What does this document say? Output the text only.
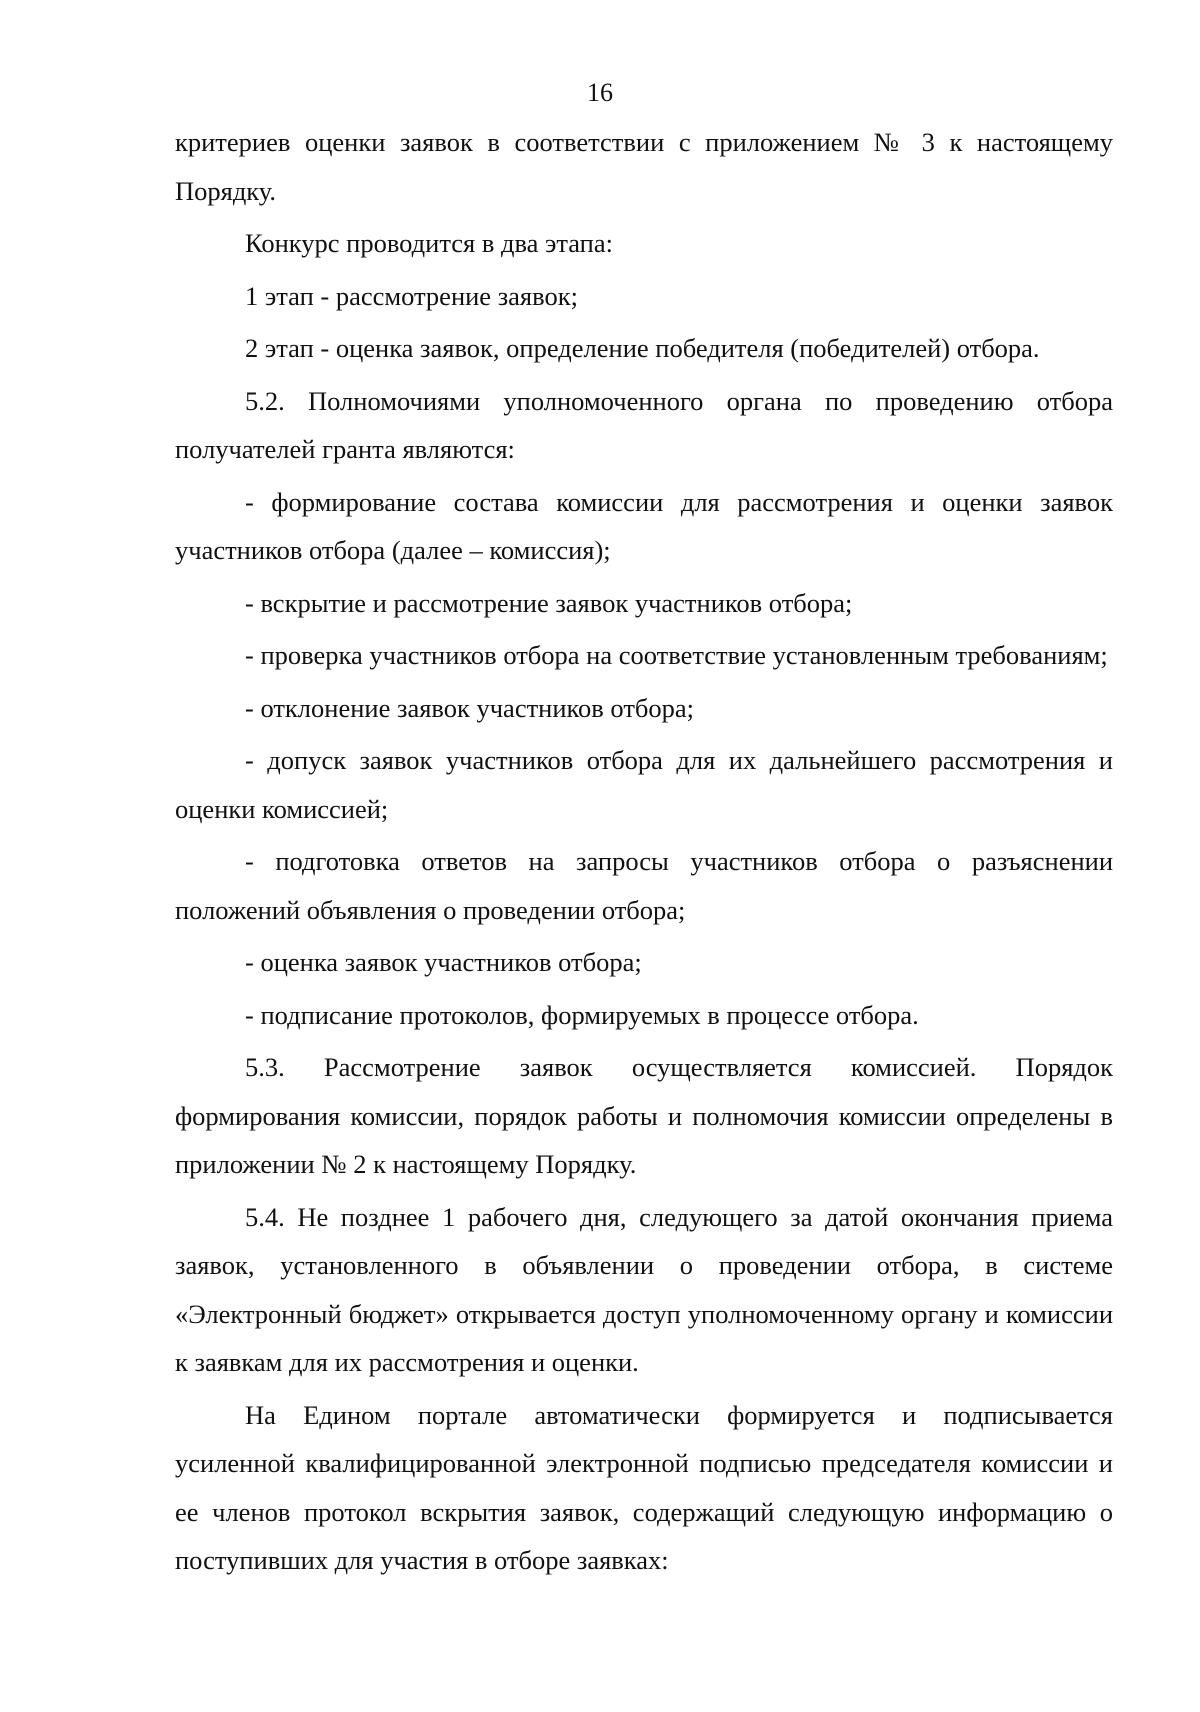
16

критериев оценки заявок в соответствии с приложением № 3 к настоящему Порядку.

Конкурс проводится в два этапа:

1 этап - рассмотрение заявок;

2 этап - оценка заявок, определение победителя (победителей) отбора.

5.2. Полномочиями уполномоченного органа по проведению отбора получателей гранта являются:

- формирование состава комиссии для рассмотрения и оценки заявок участников отбора (далее – комиссия);

- вскрытие и рассмотрение заявок участников отбора;

- проверка участников отбора на соответствие установленным требованиям;

- отклонение заявок участников отбора;

- допуск заявок участников отбора для их дальнейшего рассмотрения и оценки комиссией;

- подготовка ответов на запросы участников отбора о разъяснении положений объявления о проведении отбора;

- оценка заявок участников отбора;

- подписание протоколов, формируемых в процессе отбора.

5.3. Рассмотрение заявок осуществляется комиссией. Порядок формирования комиссии, порядок работы и полномочия комиссии определены в приложении № 2 к настоящему Порядку.

5.4. Не позднее 1 рабочего дня, следующего за датой окончания приема заявок, установленного в объявлении о проведении отбора, в системе «Электронный бюджет» открывается доступ уполномоченному органу и комиссии к заявкам для их рассмотрения и оценки.

На Едином портале автоматически формируется и подписывается усиленной квалифицированной электронной подписью председателя комиссии и ее членов протокол вскрытия заявок, содержащий следующую информацию о поступивших для участия в отборе заявках:
